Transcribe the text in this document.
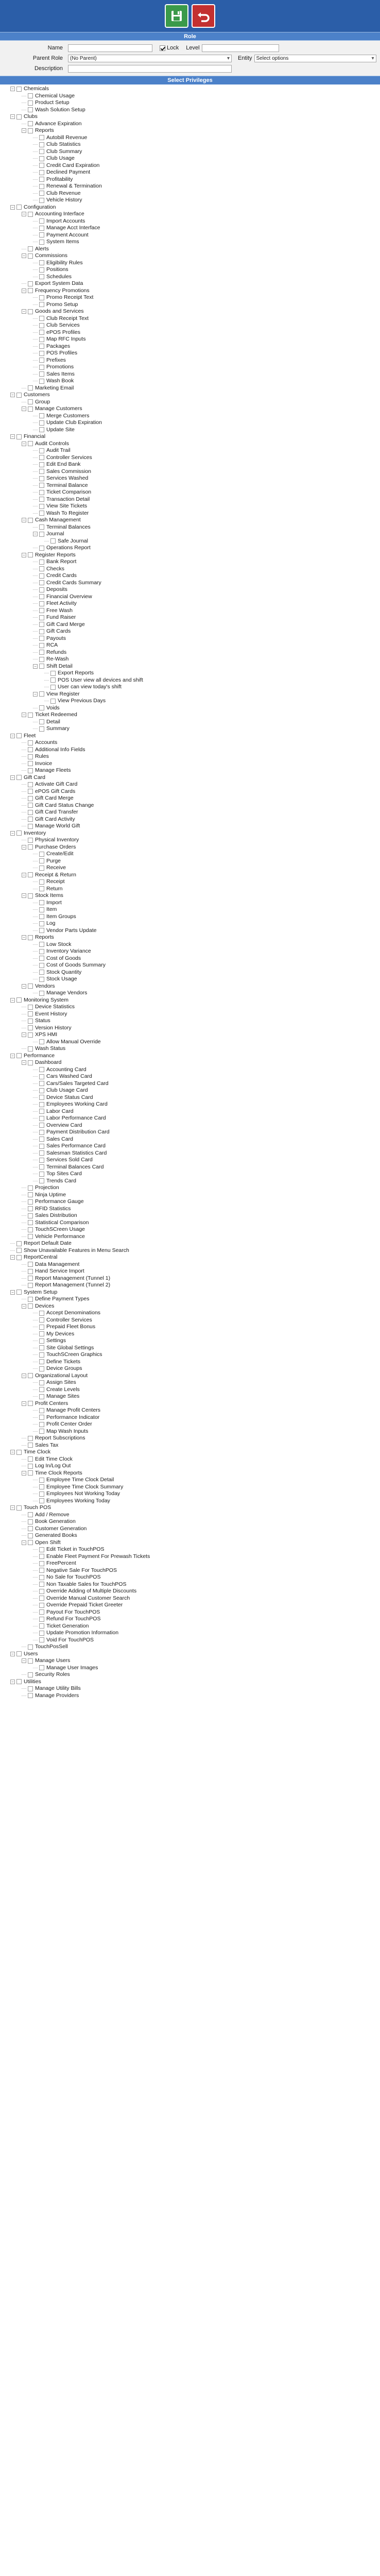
Role
Name	Lock Level
Parent Role	(No Parent) ▾	Entity Select options ▾
Description
Select Privileges
− Chemicals
Chemical Usage
Product Setup
Wash Solution Setup
− Clubs
Advance Expiration
− Reports
Autobill Revenue
Club Statistics
Club Summary
Club Usage
Credit Card Expiration
Declined Payment
Profitability
Renewal & Termination
Club Revenue
Vehicle History
− Configuration
− Accounting Interface
Import Accounts
Manage Acct Interface
Payment Account
System Items
Alerts
− Commissions
Eligibility Rules
Positions
Schedules
Export System Data
− Frequency Promotions
Promo Receipt Text
Promo Setup
− Goods and Services
Club Receipt Text
Club Services
ePOS Profiles
Map RFC Inputs
Packages
POS Profiles
Prefixes
Promotions
Sales Items
Wash Book
Marketing Email
− Customers
Group
− Manage Customers
Merge Customers
Update Club Expiration
Update Site
− Financial
− Audit Controls
Audit Trail
Controller Services
Edit End Bank
Sales Commission
Services Washed
Terminal Balance
Ticket Comparison
Transaction Detail
View Site Tickets
Wash To Register
− Cash Management
Terminal Balances
− Journal
Safe Journal
Operations Report
− Register Reports
Bank Report
Checks
Credit Cards
Credit Cards Summary
Deposits
Financial Overview
Fleet Activity
Free Wash
Fund Raiser
Gift Card Merge
Gift Cards
Payouts
RCA
Refunds
Re-Wash
− Shift Detail
Export Reports
POS User view all devices and shift
User can view today's shift
− View Register
View Previous Days
Voids
− Ticket Redeemed
Detail
Summary
− Fleet
Accounts
Additional Info Fields
Rules
Invoice
Manage Fleets
− Gift Card
Activate Gift Card
ePOS Gift Cards
Gift Card Merge
Gift Card Status Change
Gift Card Transfer
Gift Card Activity
Manage World Gift
− Inventory
Physical Inventory
− Purchase Orders
Create/Edit
Purge
Receive
− Receipt & Return
Receipt
Return
− Stock Items
Import
Item
Item Groups
Log
Vendor Parts Update
− Reports
Low Stock
Inventory Variance
Cost of Goods
Cost of Goods Summary
Stock Quantity
Stock Usage
− Vendors
Manage Vendors
− Monitoring System
Device Statistics
Event History
Status
Version History
− XPS HMI
Allow Manual Override
Wash Status
− Performance
− Dashboard
Accounting Card
Cars Washed Card
Cars/Sales Targeted Card
Club Usage Card
Device Status Card
Employees Working Card
Labor Card
Labor Performance Card
Overview Card
Payment Distribution Card
Sales Card
Sales Performance Card
Salesman Statistics Card
Services Sold Card
Terminal Balances Card
Top Sites Card
Trends Card
Projection
Ninja Uptime
Performance Gauge
RFID Statistics
Sales Distribution
Statistical Comparison
TouchSCreen Usage
Vehicle Performance
Report Default Date
Show Unavailable Features in Menu Search
− ReportCentral
Data Management
Hand Service Import
Report Management (Tunnel 1)
Report Management (Tunnel 2)
− System Setup
Define Payment Types
− Devices
Accept Denominations
Controller Services
Prepaid Fleet Bonus
My Devices
Settings
Site Global Settings
TouchSCreen Graphics
Define Tickets
Device Groups
− Organizational Layout
Assign Sites
Create Levels
Manage Sites
− Profit Centers
Manage Profit Centers
Performance Indicator
Profit Center Order
Map Wash Inputs
Report Subscriptions
Sales Tax
− Time Clock
Edit Time Clock
Log In/Log Out
− Time Clock Reports
Employee Time Clock Detail
Employee Time Clock Summary
Employees Not Working Today
Employees Working Today
− Touch POS
Add / Remove
Book Generation
Customer Generation
Generated Books
− Open Shift
Edit Ticket in TouchPOS
Enable Fleet Payment For Prewash Tickets
FreePercent
Negative Sale For TouchPOS
No Sale for TouchPOS
Non Taxable Sales for TouchPOS
Override Adding of Multiple Discounts
Override Manual Customer Search
Override Prepaid Ticket Greeter
Payout For TouchPOS
Refund For TouchPOS
Ticket Generation
Update Promotion Information
Void For TouchPOS
TouchPosSell
− Users
− Manage Users
Manage User Images
Security Roles
− Utilities
Manage Utility Bills
Manage Providers
